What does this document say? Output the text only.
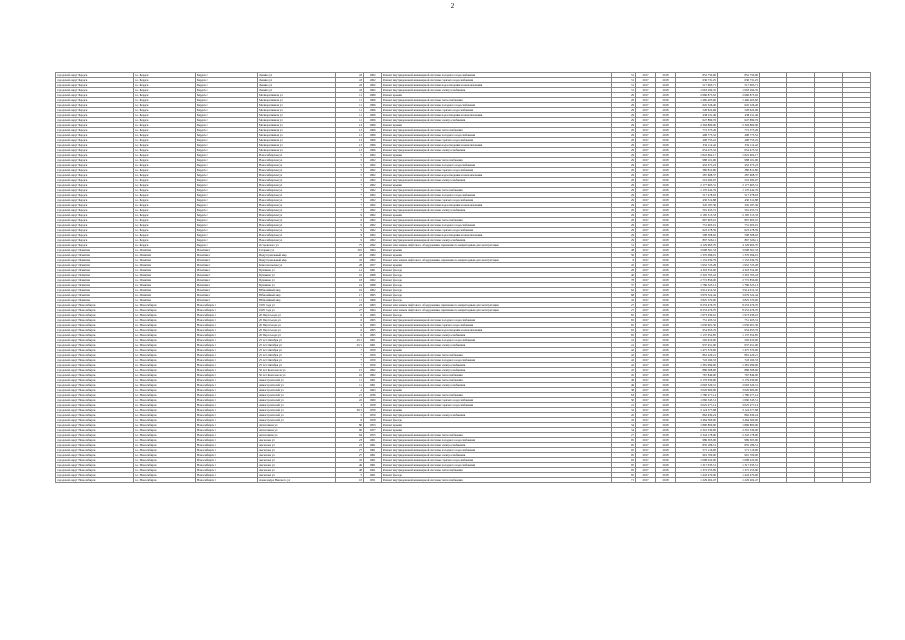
2
городской округ Бердск	г.о. Бердск	Бердск г	Ленина ул	43	1962	Ремонт внутридомовой инженерной системы холодного водоснабжения	31	2017	2018	852 750,00	852 750,00				
городской округ Бердск	г.о. Бердск	Бердск г	Ленина ул	43	1962	Ремонт внутридомовой инженерной системы горячего водоснабжения	31	2017	2018	636 731,25	636 731,25				
городской округ Бердск	г.о. Бердск	Бердск г	Ленина ул	43	1962	Ремонт внутридомовой инженерной системы водоотведения и канализования	31	2017	2018	517 065,71	517 065,71				
городской округ Бердск	г.о. Бердск	Бердск г	Ленина ул	43	1962	Ремонт внутридомовой инженерной системы электроснабжения	31	2017	2018	1 063 294,35	1 063 294,35				
городской округ Бердск	г.о. Бердск	Бердск г	Мелиоративная ул	11	1966	Ремонт крыши	29	2017	2018	2 666 875,02	2 666 875,02				
городской округ Бердск	г.о. Бердск	Бердск г	Мелиоративная ул	11	1966	Ремонт внутридомовой инженерной системы теплоснабжения	29	2017	2018	1 460 405,60	1 460 405,60				
городской округ Бердск	г.о. Бердск	Бердск г	Мелиоративная ул	11	1966	Ремонт внутридомовой инженерной системы холодного водоснабжения	29	2017	2018	645 526,40	645 526,40				
городской округ Бердск	г.о. Бердск	Бердск г	Мелиоративная ул	11	1966	Ремонт внутридомовой инженерной системы горячего водоснабжения	29	2017	2018	528 622,96	528 622,96				
городской округ Бердск	г.о. Бердск	Бердск г	Мелиоративная ул	11	1966	Ремонт внутридомовой инженерной системы водоотведения и канализования	29	2017	2018	438 011,46	438 011,46				
городской округ Бердск	г.о. Бердск	Бердск г	Мелиоративная ул	11	1966	Ремонт внутридомовой инженерной системы электроснабжения	29	2017	2018	647 899,76	647 899,76				
городской округ Бердск	г.о. Бердск	Бердск г	Мелиоративная ул	13	1966	Ремонт крыши	29	2017	2018	2 304 860,00	2 304 860,00				
городской округ Бердск	г.о. Бердск	Бердск г	Мелиоративная ул	13	1966	Ремонт внутридомовой инженерной системы теплоснабжения	29	2017	2018	772 375,26	772 375,26				
городской округ Бердск	г.о. Бердск	Бердск г	Мелиоративная ул	13	1966	Ремонт внутридомовой инженерной системы холодного водоснабжения	29	2017	2018	498 775,52	498 775,52				
городской округ Бердск	г.о. Бердск	Бердск г	Мелиоративная ул	13	1966	Ремонт внутридомовой инженерной системы горячего водоснабжения	29	2017	2018	408 753,22	408 753,22				
городской округ Бердск	г.о. Бердск	Бердск г	Мелиоративная ул	13	1966	Ремонт внутридомовой инженерной системы водоотведения и канализования	29	2017	2018	332 112,42	332 112,42				
городской округ Бердск	г.о. Бердск	Бердск г	Мелиоративная ул	13	1966	Ремонт внутридомовой инженерной системы электроснабжения	29	2017	2018	654 473,32	654 473,32				
городской округ Бердск	г.о. Бердск	Бердск г	Новосибирская ул	5	1962	Ремонт крыши	29	2017	2018	1 822 602,17	1 822 602,17				
городской округ Бердск	г.о. Бердск	Бердск г	Новосибирская ул	5	1962	Ремонт внутридомовой инженерной системы теплоснабжения	29	2017	2018	988 101,90	988 101,90				
городской округ Бердск	г.о. Бердск	Бердск г	Новосибирская ул	5	1962	Ремонт внутридомовой инженерной системы холодного водоснабжения	29	2017	2018	452 375,23	452 375,23				
городской округ Бердск	г.о. Бердск	Бердск г	Новосибирская ул	5	1962	Ремонт внутридомовой инженерной системы горячего водоснабжения	29	2017	2018	380 812,80	380 812,80				
городской округ Бердск	г.о. Бердск	Бердск г	Новосибирская ул	5	1962	Ремонт внутридомовой инженерной системы водоотведения и канализования	29	2017	2018	287 608,37	287 608,37				
городской округ Бердск	г.о. Бердск	Бердск г	Новосибирская ул	5	1962	Ремонт внутридомовой инженерной системы электроснабжения	29	2017	2018	516 282,97	516 282,97				
городской округ Бердск	г.о. Бердск	Бердск г	Новосибирская ул	7	1962	Ремонт крыши	29	2017	2018	2 177 605,31	2 177 605,31				
городской округ Бердск	г.о. Бердск	Бердск г	Новосибирская ул	7	1962	Ремонт внутридомовой инженерной системы теплоснабжения	29	2017	2018	1 170 442,76	1 170 442,76				
городской округ Бердск	г.о. Бердск	Бердск г	Новосибирская ул	7	1962	Ремонт внутридомовой инженерной системы холодного водоснабжения	29	2017	2018	517 278,03	517 278,03				
городской округ Бердск	г.о. Бердск	Бердск г	Новосибирская ул	7	1962	Ремонт внутридомовой инженерной системы горячего водоснабжения	29	2017	2018	430 312,88	430 312,88				
городской округ Бердск	г.о. Бердск	Бердск г	Новосибирская ул	7	1962	Ремонт внутридомовой инженерной системы водоотведения и канализования	29	2017	2018	345 187,36	345 187,36				
городской округ Бердск	г.о. Бердск	Бердск г	Новосибирская ул	7	1962	Ремонт внутридомовой инженерной системы электроснабжения	29	2017	2018	591 453,72	591 453,72				
городской округ Бердск	г.о. Бердск	Бердск г	Новосибирская ул	9	1962	Ремонт крыши	29	2017	2018	2 185 515,33	2 185 515,33				
городской округ Бердск	г.о. Бердск	Бердск г	Новосибирская ул	9	1962	Ремонт внутридомовой инженерной системы теплоснабжения	29	2017	2018	867 603,10	867 603,10				
городской округ Бердск	г.о. Бердск	Бердск г	Новосибирская ул	9	1962	Ремонт внутридомовой инженерной системы холодного водоснабжения	29	2017	2018	751 003,01	751 003,01				
городской округ Бердск	г.о. Бердск	Бердск г	Новосибирская ул	9	1962	Ремонт внутридомовой инженерной системы горячего водоснабжения	29	2017	2018	623 278,59	623 278,59				
городской округ Бердск	г.о. Бердск	Бердск г	Новосибирская ул	9	1962	Ремонт внутридомовой инженерной системы водоотведения и канализования	29	2017	2018	508 508,02	508 508,02				
городской округ Бердск	г.о. Бердск	Бердск г	Новосибирская ул	9	1962	Ремонт внутридомовой инженерной системы электроснабжения	29	2017	2018	867 326,11	867 326,11				
городской округ Бердск	г.о. Бердск	Бердск г	Островского ул	75	1992	Ремонт или замена лифтового оборудования, признанного непригодным для эксплуатации	31	2017	2018	4 129 963,70	4 129 963,70				
городской округ Искитим	г.о. Искитим	Искитим г	Гагарина ул	310	1964	Ремонт крыши	48	2017	2018	3 098 361,33	3 098 361,33				
городской округ Искитим	г.о. Искитим	Искитим г	Индустриальный мкр	43	1962	Ремонт крыши	50	2017	2018	1 370 096,01	1 370 096,01				
городской округ Искитим	г.о. Искитим	Искитим г	Индустриальный мкр	43	1962	Ремонт или замена лифтового оборудования, признанного непригодным для эксплуатации	8	2017	2018	1 152 030,79	1 152 030,79				
городской округ Искитим	г.о. Искитим	Искитим г	Комсомольская ул	28	1957	Ремонт крыши	45	2017	2018	1 952 723,28	1 952 723,28				
городской округ Искитим	г.о. Искитим	Искитим г	Пушкина ул	12	1961	Ремонт фасада	26	2017	2018	4 318 552,00	4 318 552,00				
городской округ Искитим	г.о. Искитим	Искитим г	Пушкина ул	16	1968	Ремонт фасада	40	2017	2018	2 316 703,43	2 316 703,43				
городской округ Искитим	г.о. Искитим	Искитим г	Пушкина ул	18	1962	Ремонт фасада	78	2017	2018	2 772 856,00	2 772 856,00				
городской округ Искитим	г.о. Искитим	Искитим г	Пушкина ул	19	1968	Ремонт фасада	37	2017	2018	1 786 323,13	1 786 323,13				
городской округ Искитим	г.о. Искитим	Искитим г	Юбилейный мкр	16	1962	Ремонт фасада	62	2017	2018	3 914 012,32	3 914 012,32				
городской округ Искитим	г.о. Искитим	Искитим г	Юбилейный мкр	17	1965	Ремонт фасада	68	2017	2018	3 679 522,44	3 679 522,44				
городской округ Искитим	г.о. Искитим	Искитим г	Юбилейный мкр	11	1966	Ремонт фасада	42	2017	2018	3 825 370,00	3 825 370,00				
городской округ Новосибирск	г.о. Новосибирск	Новосибирск г	1905 года ул	23	1963	Ремонт или замена лифтового оборудования, признанного непригодным для эксплуатации	27	2017	2018	8 253 476,70	8 253 476,70				
городской округ Новосибирск	г.о. Новосибирск	Новосибирск г	1905 года ул	27	1964	Ремонт или замена лифтового оборудования, признанного непригодным для эксплуатации	27	2017	2018	8 253 476,70	8 253 476,70				
городской округ Новосибирск	г.о. Новосибирск	Новосибирск г	20 Партсъезда ул	6	1965	Ремонт фасада	65	2017	2018	1 973 030,10	1 973 030,10				
городской округ Новосибирск	г.о. Новосибирск	Новосибирск г	20 Партсъезда ул	6	1965	Ремонт внутридомовой инженерной системы холодного водоснабжения	65	2017	2018	751 205,31	751 205,31				
городской округ Новосибирск	г.о. Новосибирск	Новосибирск г	20 Партсъезда ул	6	1965	Ремонт внутридомовой инженерной системы горячего водоснабжения	65	2017	2018	1 050 901,30	1 050 901,30				
городской округ Новосибирск	г.о. Новосибирск	Новосибирск г	20 Партсъезда ул	6	1965	Ремонт внутридомовой инженерной системы водоотведения и канализования	65	2017	2018	954 653,76	954 653,76				
городской округ Новосибирск	г.о. Новосибирск	Новосибирск г	20 Партсъезда ул	6	1965	Ремонт внутридомовой инженерной системы электроснабжения	65	2017	2018	1 137 052,85	1 137 052,85				
городской округ Новосибирск	г.о. Новосибирск	Новосибирск г	25 лет Октября ул	25/1	1961	Ремонт внутридомовой инженерной системы холодного водоснабжения	41	2017	2018	592 910,00	592 910,00				
городской округ Новосибирск	г.о. Новосибирск	Новосибирск г	25 лет Октября ул	25/1	1961	Ремонт внутридомовой инженерной системы электроснабжения	41	2017	2018	937 451,00	937 451,00				
городской округ Новосибирск	г.о. Новосибирск	Новосибирск г	25 лет Октября ул	7	1959	Ремонт крыши	42	2017	2018	1 475 370,00	1 475 370,00				
городской округ Новосибирск	г.о. Новосибирск	Новосибирск г	25 лет Октября ул	7	1959	Ремонт внутридомовой инженерной системы теплоснабжения	42	2017	2018	861 220,21	861 220,21				
городской округ Новосибирск	г.о. Новосибирск	Новосибирск г	25 лет Октября ул	7	1959	Ремонт внутридомовой инженерной системы холодного водоснабжения	42	2017	2018	743 160,33	743 160,33				
городской округ Новосибирск	г.о. Новосибирск	Новосибирск г	25 лет Октября ул	7	1959	Ремонт внутридомовой инженерной системы электроснабжения	42	2017	2018	1 381 099,00	1 381 099,00				
городской округ Новосибирск	г.о. Новосибирск	Новосибирск г	50 лет Комсомола ул	15	1962	Ремонт внутридомовой инженерной системы электроснабжения	45	2017	2018	886 308,00	886 308,00				
городской округ Новосибирск	г.о. Новосибирск	Новосибирск г	50 лет Комсомола ул	16	1962	Ремонт внутридомовой инженерной системы теплоснабжения	45	2017	2018	767 849,00	767 849,00				
городской округ Новосибирск	г.о. Новосибирск	Новосибирск г	Авиастроителей ул	11	1961	Ремонт внутридомовой инженерной системы теплоснабжения	46	2017	2018	2 179 030,90	2 179 030,90				
городской округ Новосибирск	г.о. Новосибирск	Новосибирск г	Авиастроителей ул	11	1961	Ремонт внутридомовой инженерной системы электроснабжения	46	2017	2018	2 093 320,31	2 093 320,31				
городской округ Новосибирск	г.о. Новосибирск	Новосибирск г	Авиастроителей ул	2	1963	Ремонт крыши	38	2017	2018	3 020 900,00	3 020 900,00				
городской округ Новосибирск	г.о. Новосибирск	Новосибирск г	Авиастроителей ул	21	1936	Ремонт внутридомовой инженерной системы теплоснабжения	63	2017	2018	1 780 277,14	1 780 277,14				
городской округ Новосибирск	г.о. Новосибирск	Новосибирск г	Авиастроителей ул	22	1960	Ремонт внутридомовой инженерной системы горячего водоснабжения	50	2017	2018	1 060 345,51	1 060 345,51				
городской округ Новосибирск	г.о. Новосибирск	Новосибирск г	Авиастроителей ул	3	1958	Ремонт внутридомовой инженерной системы горячего водоснабжения	41	2017	2018	3 025 277,14	3 025 277,14				
городской округ Новосибирск	г.о. Новосибирск	Новосибирск г	Авиастроителей ул	30/1	1959	Ремонт крыши	32	2017	2018	3 124 577,68	3 124 577,68				
городской округ Новосибирск	г.о. Новосибирск	Новосибирск г	Авиастроителей ул	5	1959	Ремонт внутридомовой инженерной системы электроснабжения	45	2017	2018	862 630,24	862 630,24				
городской округ Новосибирск	г.о. Новосибирск	Новосибирск г	Авиастроителей ул	8	1958	Ремонт фасада	45	2017	2018	3 464 300,00	3 464 300,00				
городской округ Новосибирск	г.о. Новосибирск	Новосибирск г	Автогенная ул	80	1953	Ремонт крыши	34	2017	2018	1 890 800,00	1 890 800,00				
городской округ Новосибирск	г.о. Новосибирск	Новосибирск г	Автогенная ул	90	1957	Ремонт крыши	34	2017	2018	2 316 530,00	2 316 530,00				
городской округ Новосибирск	г.о. Новосибирск	Новосибирск г	Автогенная ул	94	1955	Ремонт внутридомовой инженерной системы теплоснабжения	27	2017	2018	2 343 178,00	2 343 178,00				
городской округ Новосибирск	г.о. Новосибирск	Новосибирск г	Аксенова ул	23	1961	Ремонт внутридомовой инженерной системы холодного водоснабжения	95	2017	2018	989 305,00	989 305,00				
городской округ Новосибирск	г.о. Новосибирск	Новосибирск г	Аксенова ул	23	1961	Ремонт внутридомовой инженерной системы электроснабжения	95	2017	2018	835 186,51	835 186,51				
городской округ Новосибирск	г.о. Новосибирск	Новосибирск г	Аксенова ул	27	1961	Ремонт внутридомовой инженерной системы холодного водоснабжения	95	2017	2018	571 116,00	571 116,00				
городской округ Новосибирск	г.о. Новосибирск	Новосибирск г	Аксенова ул	27	1961	Ремонт внутридомовой инженерной системы электроснабжения	95	2017	2018	991 700,00	991 700,00				
городской округ Новосибирск	г.о. Новосибирск	Новосибирск г	Аксенова ул	45	1961	Ремонт внутридомовой инженерной системы горячего водоснабжения	95	2017	2018	1 098 222,00	1 098 222,00				
городской округ Новосибирск	г.о. Новосибирск	Новосибирск г	Аксенова ул	46	1961	Ремонт внутридомовой инженерной системы холодного водоснабжения	95	2017	2018	1 317 033,51	1 317 033,51				
городской округ Новосибирск	г.о. Новосибирск	Новосибирск г	Аксенова ул	48	1961	Ремонт внутридомовой инженерной системы теплоснабжения	95	2017	2018	1 372 253,00	1 372 253,00				
городской округ Новосибирск	г.о. Новосибирск	Новосибирск г	Аксенова ул	5	1961	Ремонт фасада	95	2017	2018	1 443 270,00	1 443 270,00				
городской округ Новосибирск	г.о. Новосибирск	Новосибирск г	Александра Невского ул	10	1951	Ремонт внутридомовой инженерной системы теплоснабжения	71	2017	2018	1 229 202,47	1 229 202,47				
